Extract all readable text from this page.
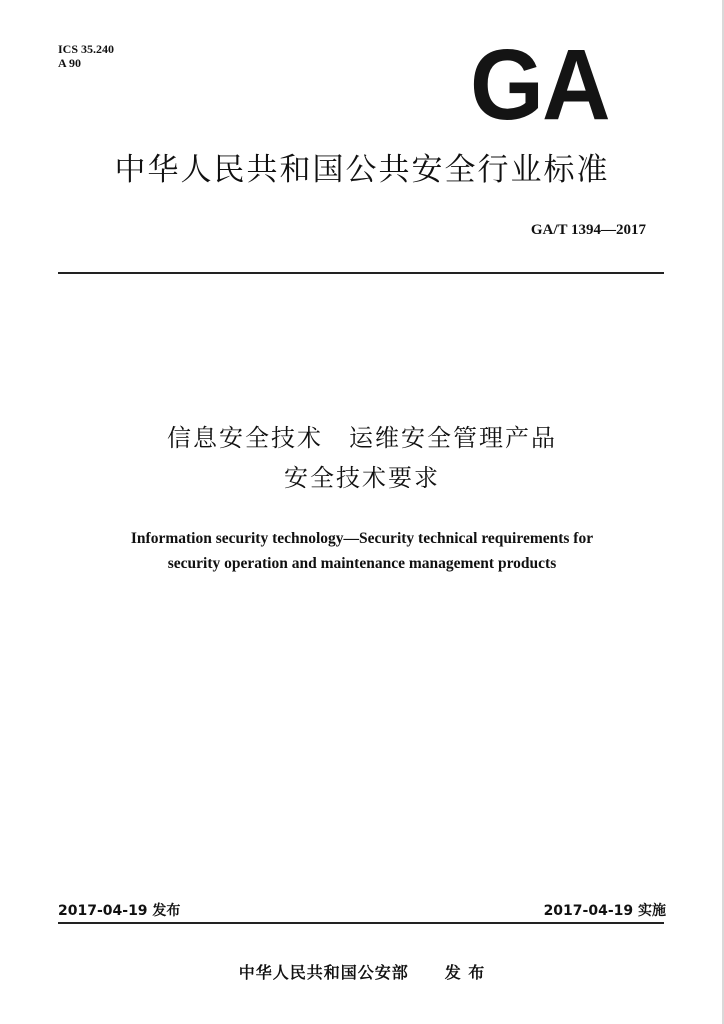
ICS 35.240
A 90	GA
中华人民共和国公共安全行业标准
GA/T 1394—2017
信息安全技术　运维安全管理产品
安全技术要求
Information security technology—Security technical requirements for
security operation and maintenance management products
2017-04-19 发布	2017-04-19 实施
中华人民共和国公安部 发 布
